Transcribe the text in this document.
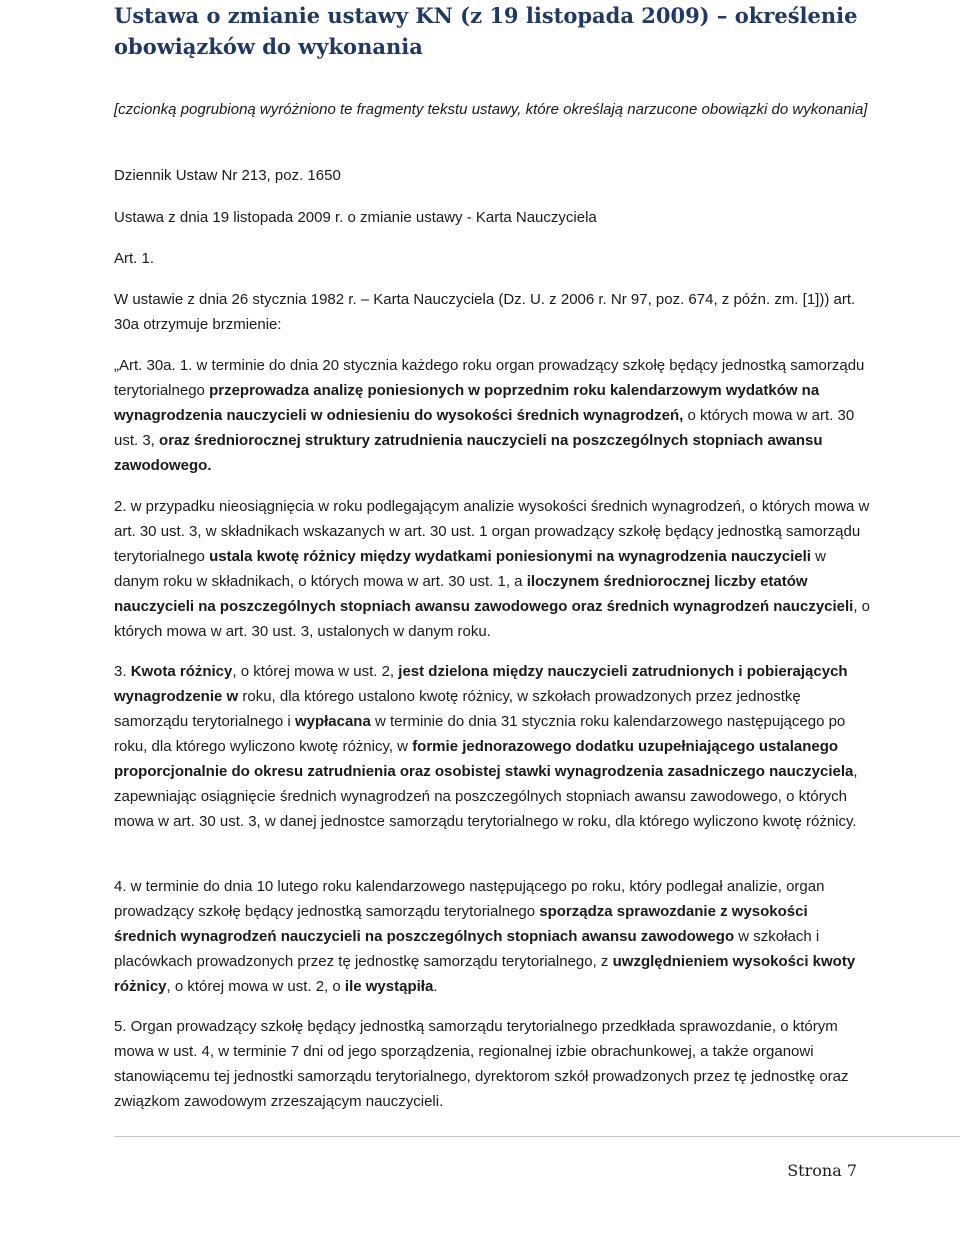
Ustawa o zmianie ustawy KN (z 19 listopada 2009) – określenie obowiązków do wykonania

[czcionką pogrubioną wyróżniono te fragmenty tekstu ustawy, które określają narzucone obowiązki do wykonania]

Dziennik Ustaw Nr 213, poz. 1650

Ustawa z dnia 19 listopada 2009 r. o zmianie ustawy - Karta Nauczyciela

Art. 1.

W ustawie z dnia 26 stycznia 1982 r. – Karta Nauczyciela (Dz. U. z 2006 r. Nr 97, poz. 674, z późn. zm. [1])) art. 30a otrzymuje brzmienie:

„Art. 30a. 1. w terminie do dnia 20 stycznia każdego roku organ prowadzący szkołę będący jednostką samorządu terytorialnego przeprowadza analizę poniesionych w poprzednim roku kalendarzowym wydatków na wynagrodzenia nauczycieli w odniesieniu do wysokości średnich wynagrodzeń, o których mowa w art. 30 ust. 3, oraz średniorocznej struktury zatrudnienia nauczycieli na poszczególnych stopniach awansu zawodowego.

2. w przypadku nieosiągnięcia w roku podlegającym analizie wysokości średnich wynagrodzeń, o których mowa w art. 30 ust. 3, w składnikach wskazanych w art. 30 ust. 1 organ prowadzący szkołę będący jednostką samorządu terytorialnego ustala kwotę różnicy między wydatkami poniesionymi na wynagrodzenia nauczycieli w danym roku w składnikach, o których mowa w art. 30 ust. 1, a iloczynem średniorocznej liczby etatów nauczycieli na poszczególnych stopniach awansu zawodowego oraz średnich wynagrodzeń nauczycieli, o których mowa w art. 30 ust. 3, ustalonych w danym roku.

3. Kwota różnicy, o której mowa w ust. 2, jest dzielona między nauczycieli zatrudnionych i pobierających wynagrodzenie w roku, dla którego ustalono kwotę różnicy, w szkołach prowadzonych przez jednostkę samorządu terytorialnego i wypłacana w terminie do dnia 31 stycznia roku kalendarzowego następującego po roku, dla którego wyliczono kwotę różnicy, w formie jednorazowego dodatku uzupełniającego ustalanego proporcjonalnie do okresu zatrudnienia oraz osobistej stawki wynagrodzenia zasadniczego nauczyciela, zapewniając osiągnięcie średnich wynagrodzeń na poszczególnych stopniach awansu zawodowego, o których mowa w art. 30 ust. 3, w danej jednostce samorządu terytorialnego w roku, dla którego wyliczono kwotę różnicy.

4. w terminie do dnia 10 lutego roku kalendarzowego następującego po roku, który podlegał analizie, organ prowadzący szkołę będący jednostką samorządu terytorialnego sporządza sprawozdanie z wysokości średnich wynagrodzeń nauczycieli na poszczególnych stopniach awansu zawodowego w szkołach i placówkach prowadzonych przez tę jednostkę samorządu terytorialnego, z uwzględnieniem wysokości kwoty różnicy, o której mowa w ust. 2, o ile wystąpiła.

5. Organ prowadzący szkołę będący jednostką samorządu terytorialnego przedkłada sprawozdanie, o którym mowa w ust. 4, w terminie 7 dni od jego sporządzenia, regionalnej izbie obrachunkowej, a także organowi stanowiącemu tej jednostki samorządu terytorialnego, dyrektorom szkół prowadzonych przez tę jednostkę oraz związkom zawodowym zrzeszającym nauczycieli.

Strona 7
